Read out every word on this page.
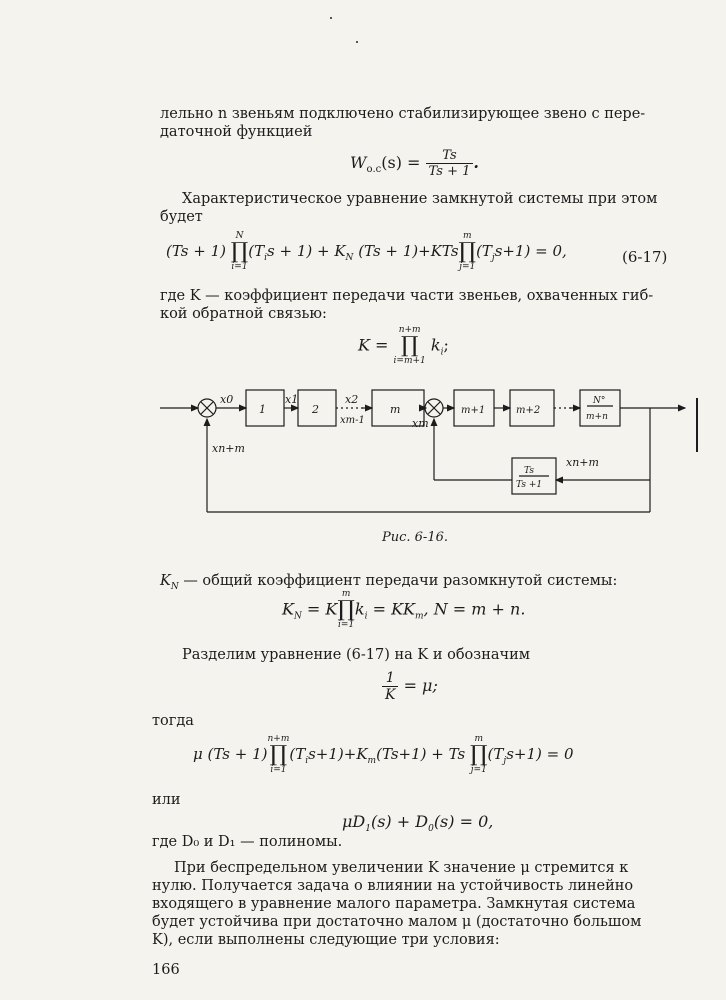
лельно n звеньям подключено стабилизирующее звено с пере-
даточной функцией
$W_{о.с}(s) = \frac{Ts}{Ts + 1}$ .
Характеристическое уравнение замкнутой системы при этом
будет
(Ts + 1)
N
∏
i=1
$(T_is + 1) + K_N$ (Ts + 1)+KTs
m
∏
j=1
$(T_js+1) = 0$,	(6-17)
где K — коэффициент передачи части звеньев, охваченных гиб-
кой обратной связью:
K =
n+m
∏
i=m+1
$k_i$;
1	2	m	m+1	m+2
N°
m+n
Ts
Ts +1
x0	x1	x2
xm-1	xm
xn+m
xn+m
Рис. 6-16.
$K_N$ — общий коэффициент передачи разомкнутой системы:
$K_N = K$
m
∏
i=1
$k_i = KK_m$, N = m + n.
Разделим уравнение (6-17) на K и обозначим
$\frac{1}{K} = \mu$;
тогда
μ (Ts + 1)
n+m
∏
i=1
$(T_is+1)+K_m(Ts+1) + Ts$
m
∏
j=1
$(T_js+1) = 0$
или
$\mu D_1(s) + D_0(s) = 0$,
где D₀ и D₁ — полиномы.
При беспредельном увеличении K значение μ стремится к
нулю. Получается задача о влиянии на устойчивость линейно
входящего в уравнение малого параметра. Замкнутая система
будет устойчива при достаточно малом μ (достаточно большом
K), если выполнены следующие три условия:
166
